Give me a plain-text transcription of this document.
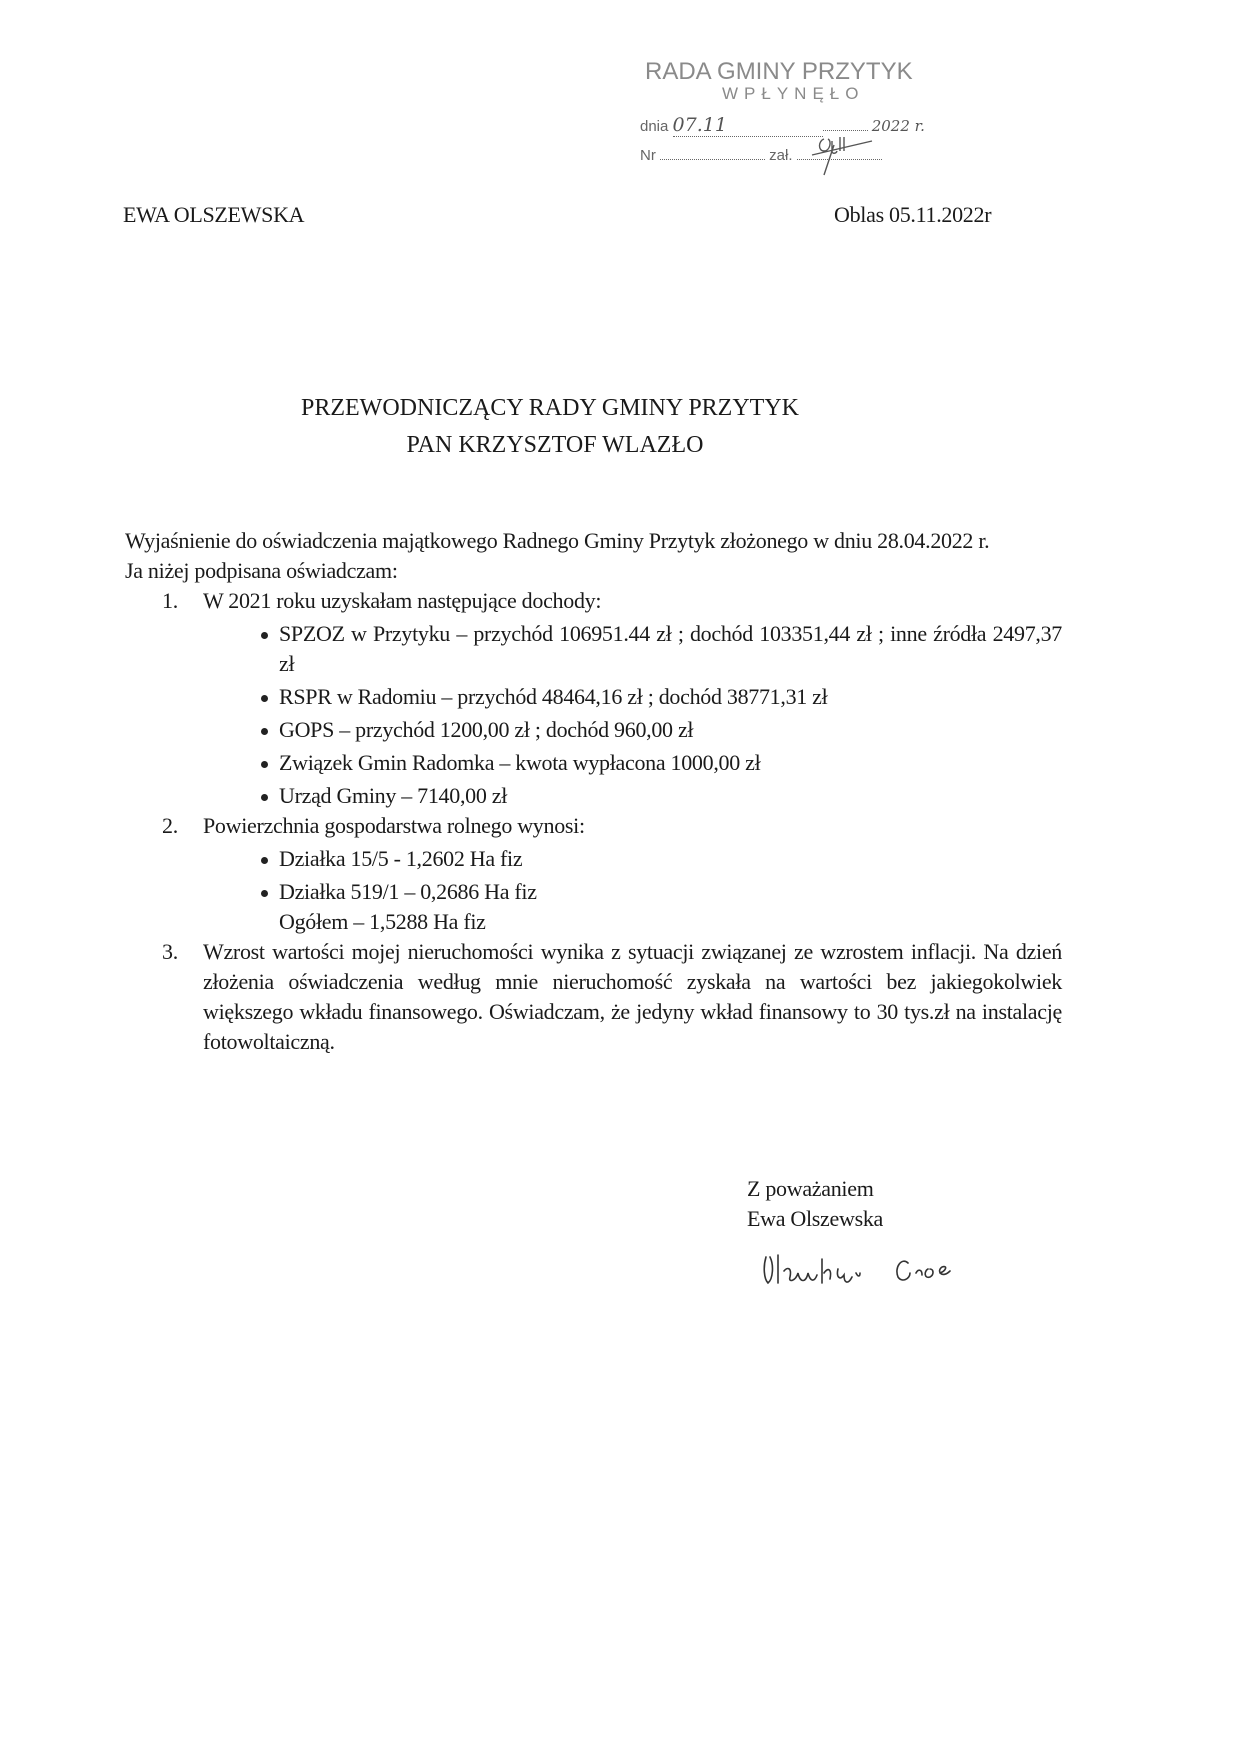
RADA GMINY PRZYTYK
WPŁYNĘŁO
dnia 07.11	2022 r.
Nr	zał.
EWA OLSZEWSKA	Oblas 05.11.2022r
PRZEWODNICZĄCY RADY GMINY PRZYTYK
PAN KRZYSZTOF WLAZŁO

Wyjaśnienie do oświadczenia majątkowego Radnego Gminy Przytyk złożonego w dniu 28.04.2022 r.

Ja niżej podpisana oświadczam:

1. W 2021 roku uzyskałam następujące dochody:
SPZOZ w Przytyku – przychód 106951.44 zł ; dochód 103351,44 zł ; inne źródła 2497,37 zł
RSPR w Radomiu – przychód 48464,16 zł ; dochód 38771,31 zł
GOPS – przychód 1200,00 zł ; dochód 960,00 zł
Związek Gmin Radomka – kwota wypłacona 1000,00 zł
Urząd Gminy – 7140,00 zł
2. Powierzchnia gospodarstwa rolnego wynosi:
Działka 15/5 - 1,2602 Ha fiz
Działka 519/1 – 0,2686 Ha fiz
Ogółem – 1,5288 Ha fiz
3. Wzrost wartości mojej nieruchomości wynika z sytuacji związanej ze wzrostem inflacji. Na dzień złożenia oświadczenia według mnie nieruchomość zyskała na wartości bez jakiegokolwiek większego wkładu finansowego. Oświadczam, że jedyny wkład finansowy to 30 tys.zł na instalację fotowoltaiczną.
Z poważaniem
Ewa Olszewska
